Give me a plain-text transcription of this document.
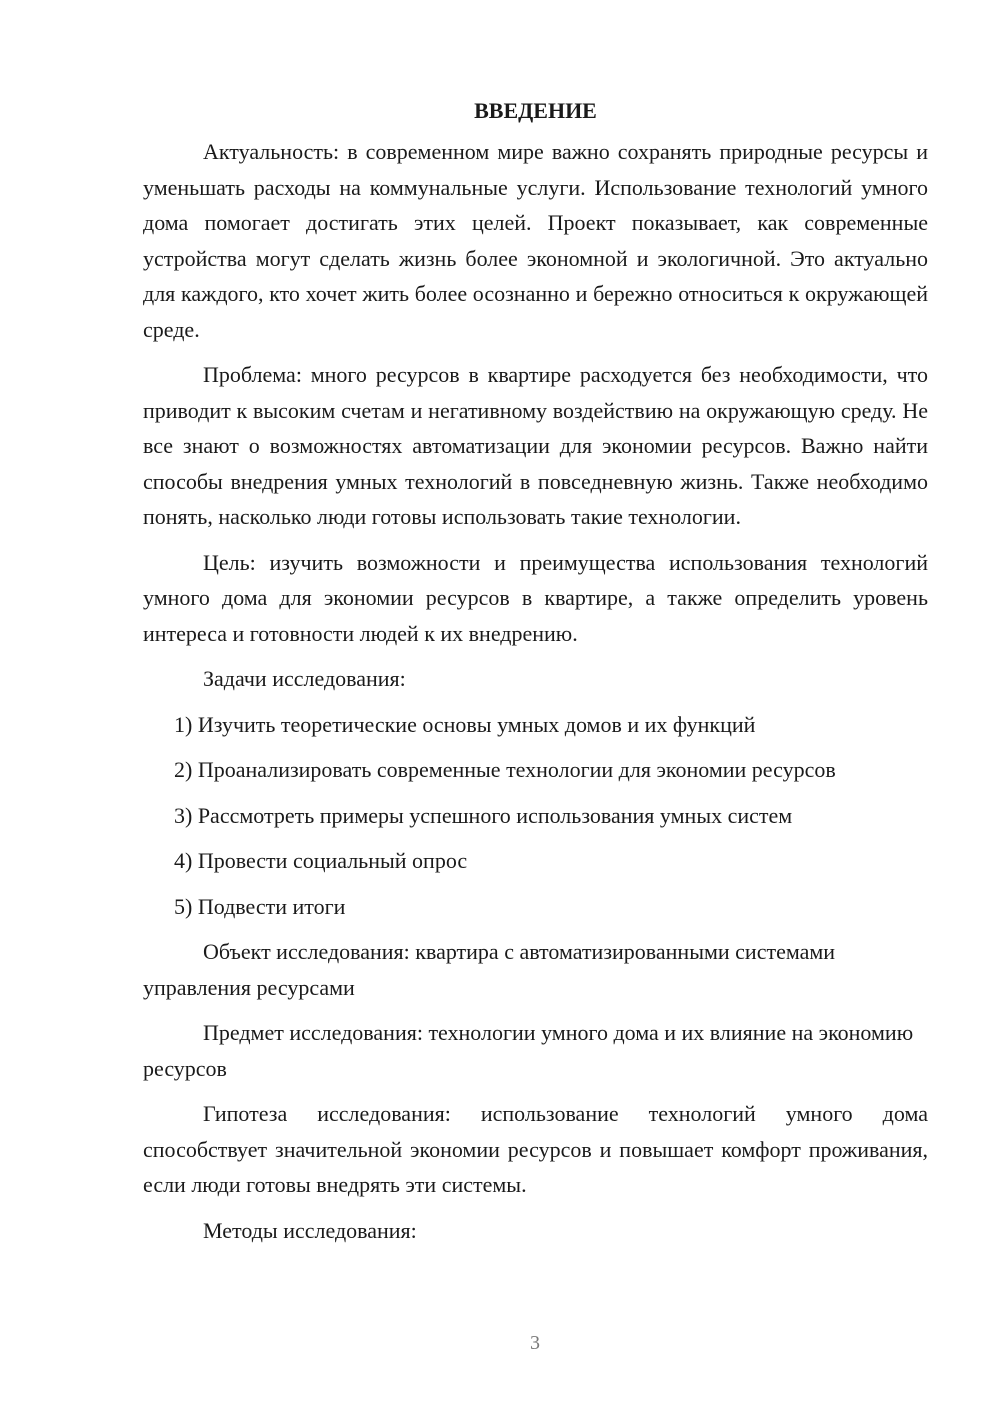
ВВЕДЕНИЕ

Актуальность: в современном мире важно сохранять природные ресурсы и уменьшать расходы на коммунальные услуги. Использование технологий умного дома помогает достигать этих целей. Проект показывает, как современные устройства могут сделать жизнь более экономной и экологичной. Это актуально для каждого, кто хочет жить более осознанно и бережно относиться к окружающей среде.

Проблема: много ресурсов в квартире расходуется без необходимости, что приводит к высоким счетам и негативному воздействию на окружающую среду. Не все знают о возможностях автоматизации для экономии ресурсов. Важно найти способы внедрения умных технологий в повседневную жизнь. Также необходимо понять, насколько люди готовы использовать такие технологии.

Цель: изучить возможности и преимущества использования технологий умного дома для экономии ресурсов в квартире, а также определить уровень интереса и готовности людей к их внедрению.

Задачи исследования:

1) Изучить теоретические основы умных домов и их функций
2) Проанализировать современные технологии для экономии ресурсов
3) Рассмотреть примеры успешного использования умных систем
4) Провести социальный опрос
5) Подвести итоги

Объект исследования: квартира с автоматизированными системами управления ресурсами

Предмет исследования: технологии умного дома и их влияние на экономию ресурсов

Гипотеза исследования: использование технологий умного дома способствует значительной экономии ресурсов и повышает комфорт проживания, если люди готовы внедрять эти системы.

Методы исследования:

3
